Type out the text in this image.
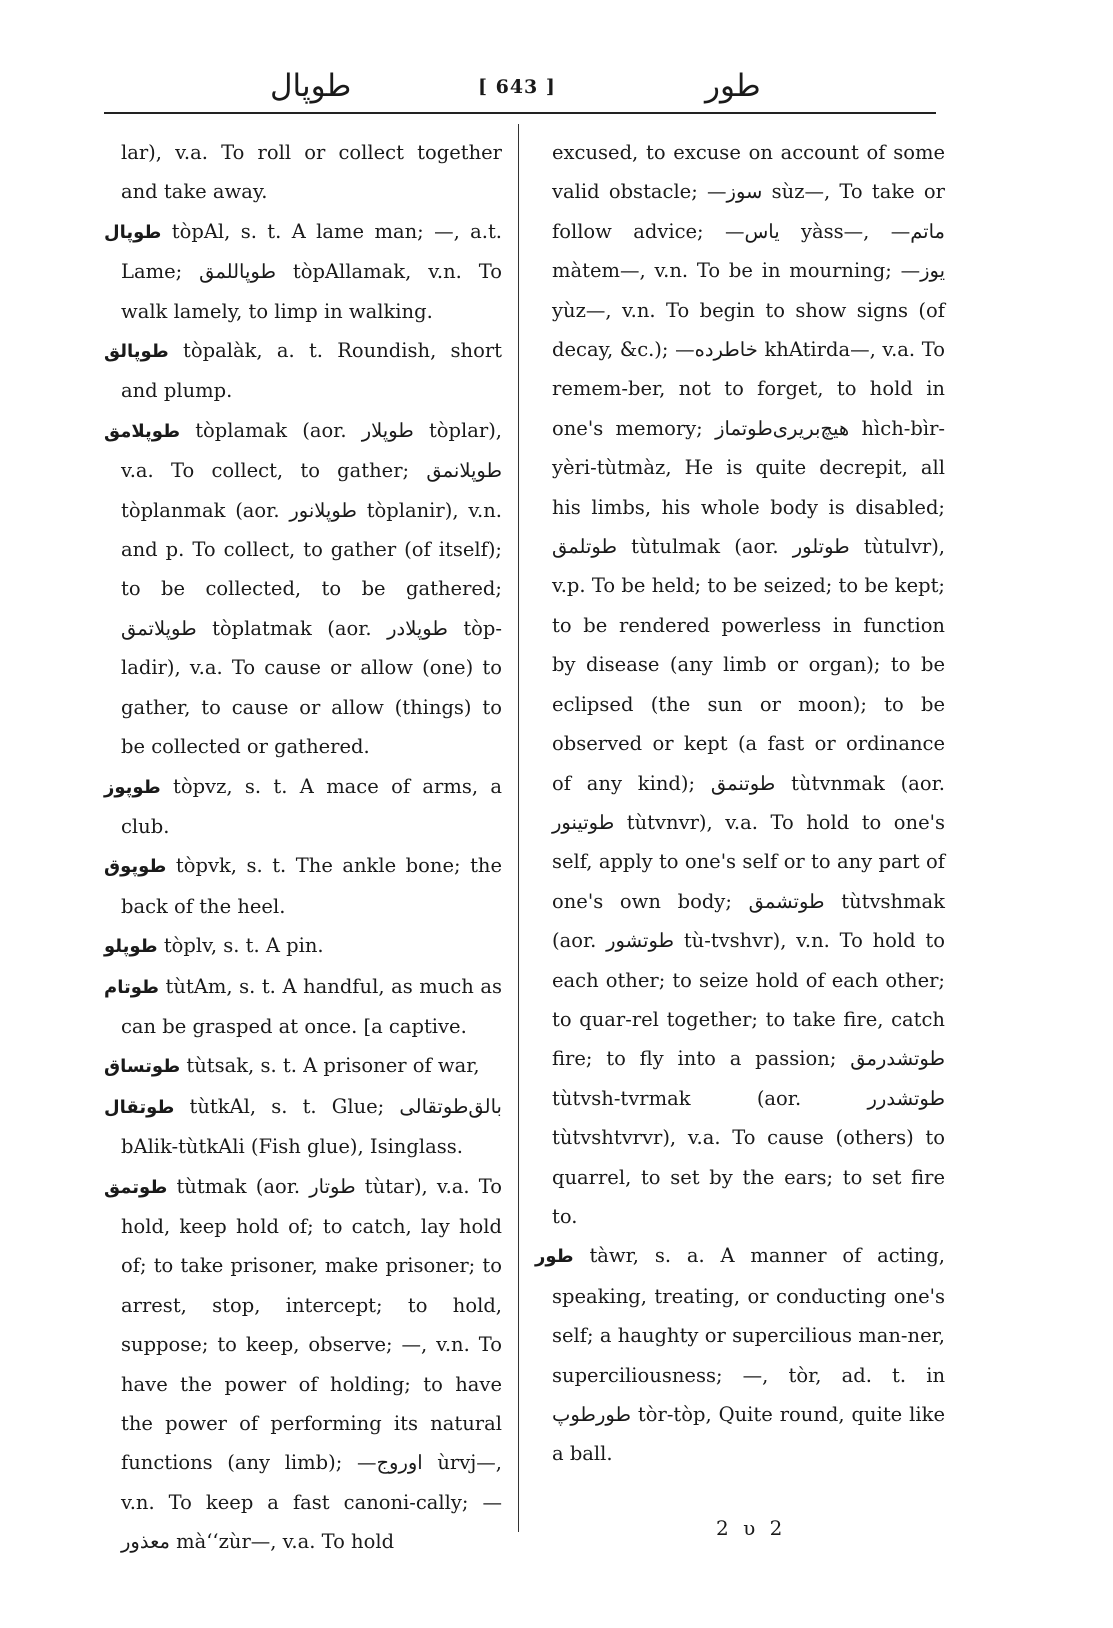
طوپال	[ 643 ]	طور

lar), v.a. To roll or collect together and take away.

طوپال tòpAl, s. t. A lame man; —, a.t. Lame; طوپاللمق tòpAllamak, v.n. To walk lamely, to limp in walking.

طوپالق tòpalàk, a. t. Roundish, short and plump.

طوپلامق tòplamak (aor. طوپلار tòplar), v.a. To collect, to gather; طوپلانمق tòplanmak (aor. طوپلانور tòplanir), v.n. and p. To collect, to gather (of itself); to be collected, to be gathered; طوپلاتمق tòplatmak (aor. طوپلادر tòp-ladir), v.a. To cause or allow (one) to gather, to cause or allow (things) to be collected or gathered.

طوپوز tòpvz, s. t. A mace of arms, a club.

طوپوق tòpvk, s. t. The ankle bone; the back of the heel.

طوپلو tòplv, s. t. A pin.

طوتام tùtAm, s. t. A handful, as much as can be grasped at once. [a captive.

طوتساق tùtsak, s. t. A prisoner of war,

طوتقال tùtkAl, s. t. Glue; بالق‌طوتقالی bAlik-tùtkAli (Fish glue), Isinglass.

طوتمق tùtmak (aor. طوتار tùtar), v.a. To hold, keep hold of; to catch, lay hold of; to take prisoner, make prisoner; to arrest, stop, intercept; to hold, suppose; to keep, observe; —, v.n. To have the power of holding; to have the power of performing its natural functions (any limb); —اوروج ùrvj—, v.n. To keep a fast canoni-cally; —معذور mà‘‘zùr—, v.a. To hold

excused, to excuse on account of some valid obstacle; —سوز sùz—, To take or follow advice; —یاس yàss—, —ماتم màtem—, v.n. To be in mourning; —یوز yùz—, v.n. To begin to show signs (of decay, &c.); —خاطرده khAtirda—, v.a. To remem-ber, not to forget, to hold in one's memory; هیچ‌بریری‌طوتماز hìch-bìr-yèri-tùtmàz, He is quite decrepit, all his limbs, his whole body is disabled; طوتلمق tùtulmak (aor. طوتلور tùtulvr), v.p. To be held; to be seized; to be kept; to be rendered powerless in function by disease (any limb or organ); to be eclipsed (the sun or moon); to be observed or kept (a fast or ordinance of any kind); طوتنمق tùtvnmak (aor. طوتینور tùtvnvr), v.a. To hold to one's self, apply to one's self or to any part of one's own body; طوتشمق tùtvshmak (aor. طوتشور tù-tvshvr), v.n. To hold to each other; to seize hold of each other; to quar-rel together; to take fire, catch fire; to fly into a passion; طوتشدرمق tùtvsh-tvrmak (aor. طوتشدرر tùtvshtvrvr), v.a. To cause (others) to quarrel, to set by the ears; to set fire to.

طور tàwr, s. a. A manner of acting, speaking, treating, or conducting one's self; a haughty or supercilious man-ner, superciliousness; —, tòr, ad. t. in طورطوپ tòr-tòp, Quite round, quite like a ball.

2 υ 2
